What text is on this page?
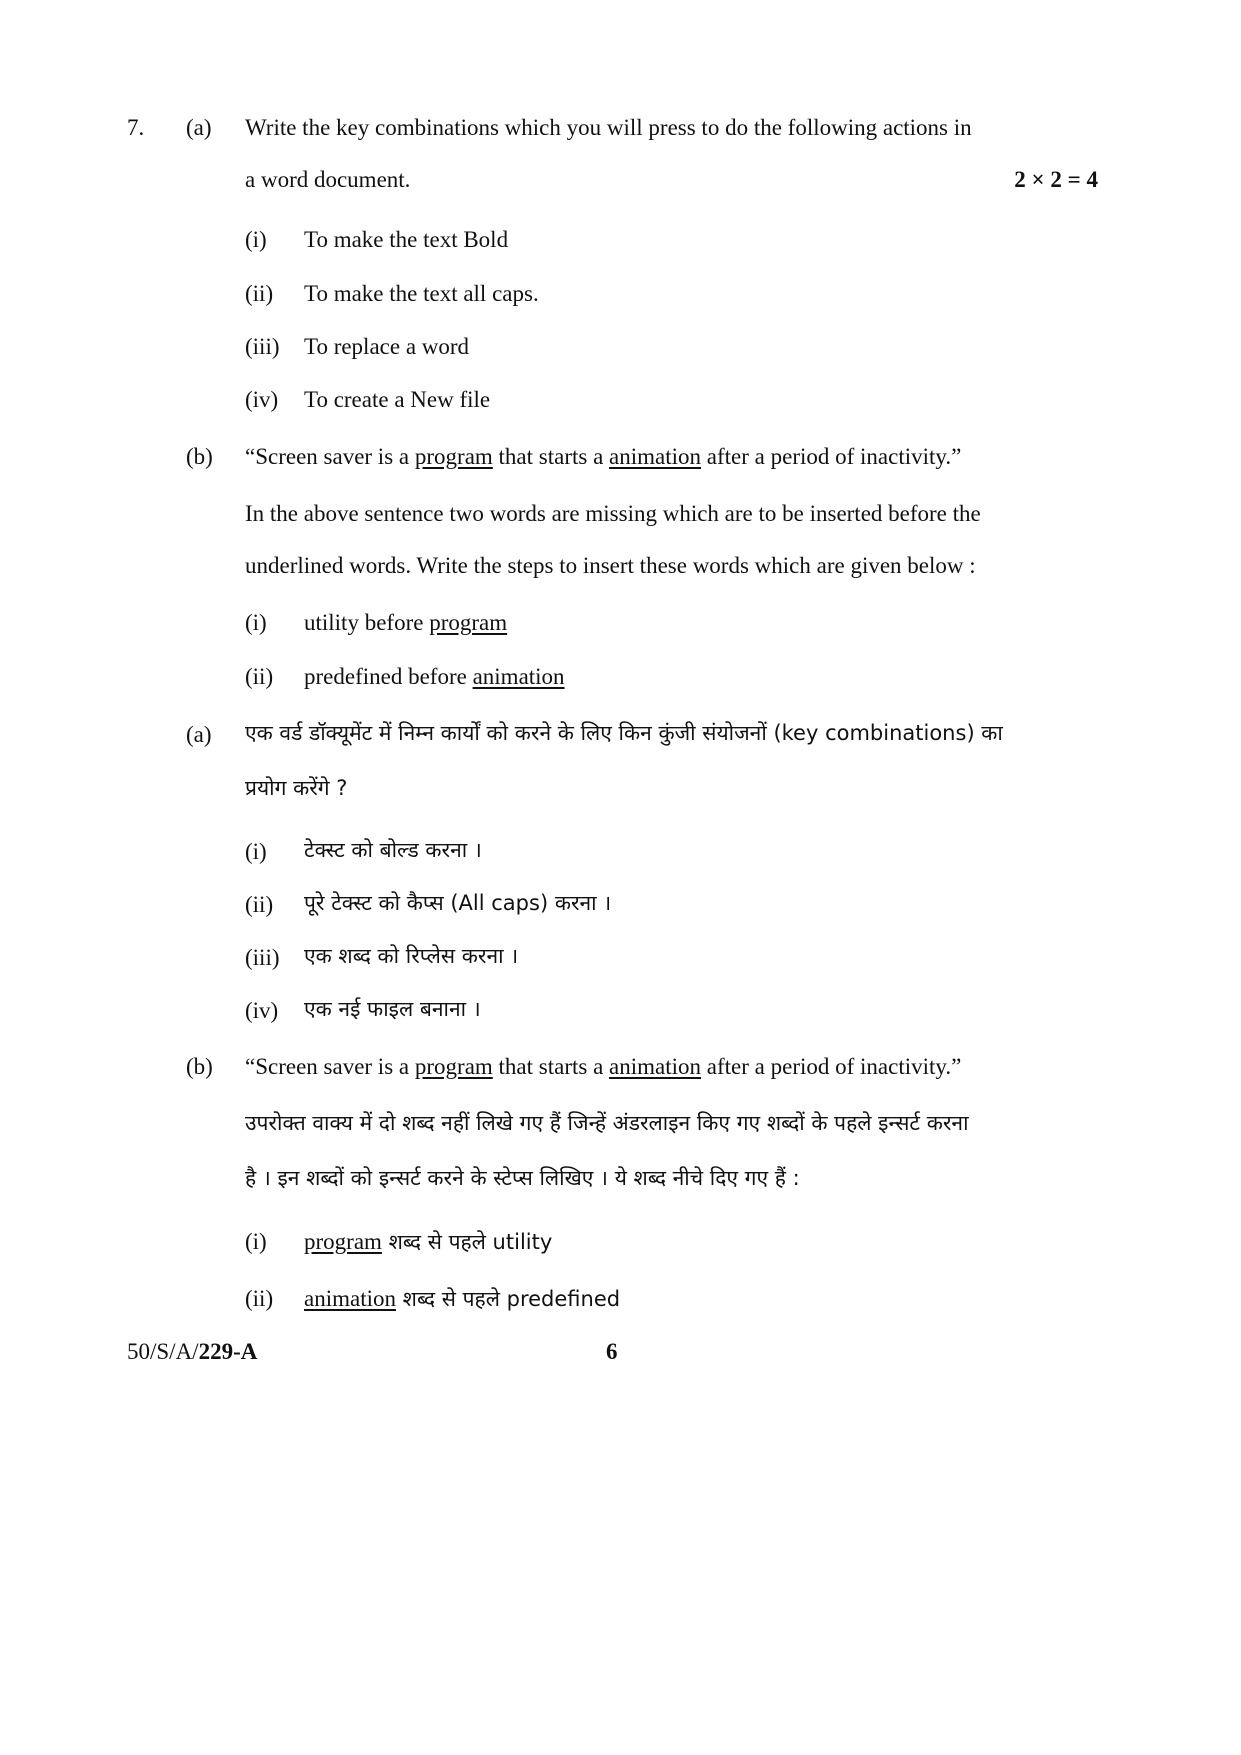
7. (a) Write the key combinations which you will press to do the following actions in
a word document.	2 × 2 = 4
(i) To make the text Bold
(ii) To make the text all caps.
(iii) To replace a word
(iv) To create a New file
(b) “Screen saver is a program that starts a animation after a period of inactivity.”
In the above sentence two words are missing which are to be inserted before the
underlined words. Write the steps to insert these words which are given below :
(i) utility before program
(ii) predefined before animation
(a) एक वर्ड डॉक्यूमेंट में निम्न कार्यों को करने के लिए किन कुंजी संयोजनों (key combinations) का
प्रयोग करेंगे ?
(i) टेक्स्ट को बोल्ड करना ।
(ii) पूरे टेक्स्ट को कैप्स (All caps) करना ।
(iii) एक शब्द को रिप्लेस करना ।
(iv) एक नई फाइल बनाना ।
(b) “Screen saver is a program that starts a animation after a period of inactivity.”
उपरोक्त वाक्य में दो शब्द नहीं लिखे गए हैं जिन्हें अंडरलाइन किए गए शब्दों के पहले इन्सर्ट करना
है । इन शब्दों को इन्सर्ट करने के स्टेप्स लिखिए । ये शब्द नीचे दिए गए हैं :
(i) program शब्द से पहले utility
(ii) animation शब्द से पहले predefined
50/S/A/229-A	6
